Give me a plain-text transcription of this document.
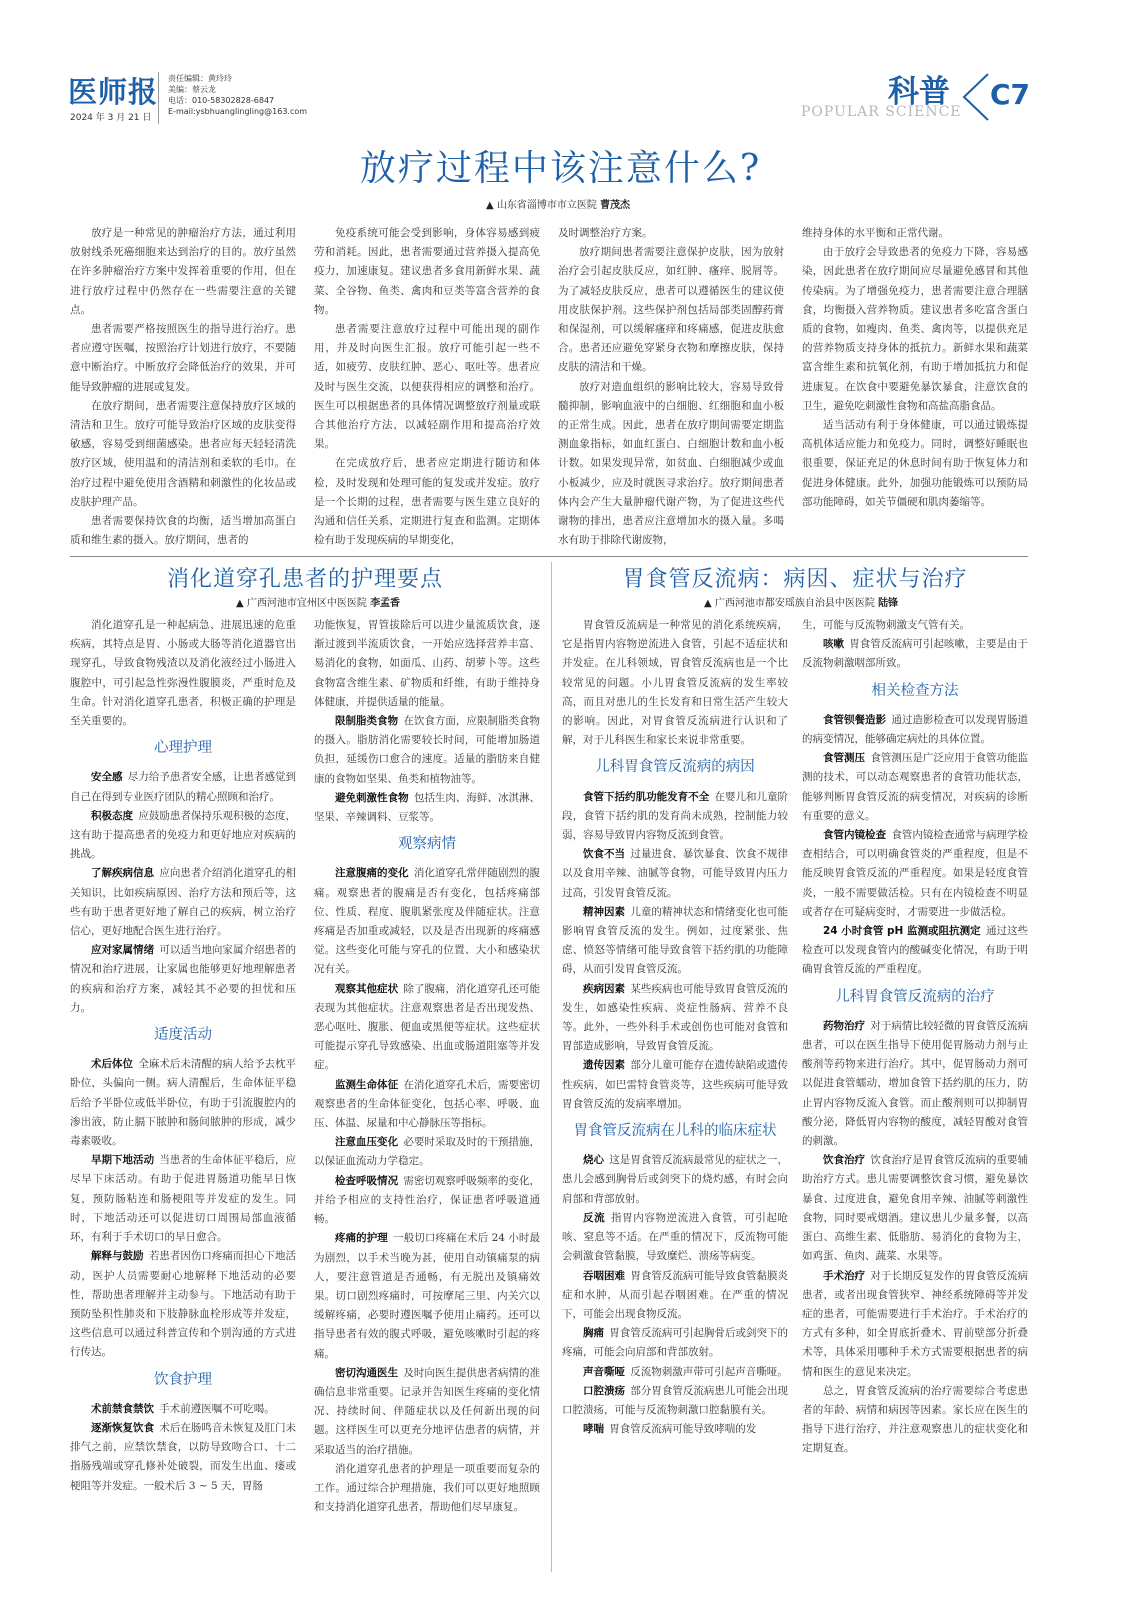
医师报
2024 年 3 月 21 日
责任编辑：黄玲玲
美编：蔡云龙
电话：010-58302828-6847
E-mail:ysbhuanglingling@163.com
科普
POPULAR SCIENCE
C7
放疗过程中该注意什么?
▲ 山东省淄博市市立医院 曹茂杰

放疗是一种常见的肿瘤治疗方法，通过利用放射线杀死癌细胞来达到治疗的目的。放疗虽然在许多肿瘤治疗方案中发挥着重要的作用，但在进行放疗过程中仍然存在一些需要注意的关键点。

患者需要严格按照医生的指导进行治疗。患者应遵守医嘱，按照治疗计划进行放疗，不要随意中断治疗。中断放疗会降低治疗的效果，并可能导致肿瘤的进展或复发。

在放疗期间，患者需要注意保持放疗区域的清洁和卫生。放疗可能导致治疗区域的皮肤变得敏感，容易受到细菌感染。患者应每天轻轻清洗放疗区域，使用温和的清洁剂和柔软的毛巾。在治疗过程中避免使用含酒精和刺激性的化妆品或皮肤护理产品。

患者需要保持饮食的均衡，适当增加高蛋白质和维生素的摄入。放疗期间，患者的

免疫系统可能会受到影响，身体容易感到疲劳和消耗。因此，患者需要通过营养摄入提高免疫力，加速康复。建议患者多食用新鲜水果、蔬菜、全谷物、鱼类、禽肉和豆类等富含营养的食物。

患者需要注意放疗过程中可能出现的副作用，并及时向医生汇报。放疗可能引起一些不适，如疲劳、皮肤红肿、恶心、呕吐等。患者应及时与医生交流，以便获得相应的调整和治疗。医生可以根据患者的具体情况调整放疗剂量或联合其他治疗方法，以减轻副作用和提高治疗效果。

在完成放疗后，患者应定期进行随访和体检，及时发现和处理可能的复发或并发症。放疗是一个长期的过程，患者需要与医生建立良好的沟通和信任关系，定期进行复查和监测。定期体检有助于发现疾病的早期变化，

及时调整治疗方案。

放疗期间患者需要注意保护皮肤，因为放射治疗会引起皮肤反应，如红肿、瘙痒、脱屑等。为了减轻皮肤反应，患者可以遵循医生的建议使用皮肤保护剂。这些保护剂包括局部类固醇药膏和保湿剂，可以缓解瘙痒和疼痛感，促进皮肤愈合。患者还应避免穿紧身衣物和摩擦皮肤，保持皮肤的清洁和干燥。

放疗对造血组织的影响比较大，容易导致骨髓抑制，影响血液中的白细胞、红细胞和血小板的正常生成。因此，患者在放疗期间需要定期监测血象指标，如血红蛋白、白细胞计数和血小板计数。如果发现异常，如贫血、白细胞减少或血小板减少，应及时就医寻求治疗。放疗期间患者体内会产生大量肿瘤代谢产物，为了促进这些代谢物的排出，患者应注意增加水的摄入量。多喝水有助于排除代谢废物，

维持身体的水平衡和正常代谢。

由于放疗会导致患者的免疫力下降，容易感染，因此患者在放疗期间应尽量避免感冒和其他传染病。为了增强免疫力，患者需要注意合理膳食，均衡摄入营养物质。建议患者多吃富含蛋白质的食物，如瘦肉、鱼类、禽肉等，以提供充足的营养物质支持身体的抵抗力。新鲜水果和蔬菜富含维生素和抗氧化剂，有助于增加抵抗力和促进康复。在饮食中要避免暴饮暴食，注意饮食的卫生，避免吃刺激性食物和高盐高脂食品。

适当活动有利于身体健康，可以通过锻炼提高机体适应能力和免疫力。同时，调整好睡眠也很重要，保证充足的休息时间有助于恢复体力和促进身体健康。此外，加强功能锻炼可以预防局部功能障碍，如关节僵硬和肌肉萎缩等。

消化道穿孔患者的护理要点
▲ 广西河池市宜州区中医医院 李孟香

消化道穿孔是一种起病急、进展迅速的危重疾病，其特点是胃、小肠或大肠等消化道器官出现穿孔，导致食物残渣以及消化液经过小肠进入腹腔中，可引起急性弥漫性腹膜炎，严重时危及生命。针对消化道穿孔患者，积极正确的护理是至关重要的。

心理护理

安全感  尽力给予患者安全感，让患者感觉到自己在得到专业医疗团队的精心照顾和治疗。

积极态度  应鼓励患者保持乐观积极的态度，这有助于提高患者的免疫力和更好地应对疾病的挑战。

了解疾病信息  应向患者介绍消化道穿孔的相关知识，比如疾病原因、治疗方法和预后等，这些有助于患者更好地了解自己的疾病，树立治疗信心，更好地配合医生进行治疗。

应对家属情绪  可以适当地向家属介绍患者的情况和治疗进展，让家属也能够更好地理解患者的疾病和治疗方案，减轻其不必要的担忧和压力。

适度活动

术后体位  全麻术后未清醒的病人给予去枕平卧位，头偏向一侧。病人清醒后，生命体征平稳后给予半卧位或低半卧位，有助于引流腹腔内的渗出液，防止膈下脓肿和肠间脓肿的形成，减少毒素吸收。

早期下地活动  当患者的生命体征平稳后，应尽早下床活动。有助于促进胃肠道功能早日恢复，预防肠粘连和肠梗阻等并发症的发生。同时，下地活动还可以促进切口周围局部血液循环，有利于手术切口的早日愈合。

解释与鼓励  若患者因伤口疼痛而担心下地活动，医护人员需要耐心地解释下地活动的必要性，帮助患者理解并主动参与。下地活动有助于预防坠积性肺炎和下肢静脉血栓形成等并发症，这些信息可以通过科普宣传和个别沟通的方式进行传达。

饮食护理

术前禁食禁饮  手术前遵医嘱不可吃喝。

逐渐恢复饮食  术后在肠鸣音未恢复及肛门未排气之前，应禁饮禁食，以防导致吻合口、十二指肠残端或穿孔修补处破裂，而发生出血、瘘或梗阻等并发症。一般术后 3 ~ 5 天，胃肠

功能恢复，胃管拔除后可以进少量流质饮食，逐渐过渡到半流质饮食，一开始应选择营养丰富、易消化的食物，如面瓜、山药、胡萝卜等。这些食物富含维生素、矿物质和纤维，有助于维持身体健康，并提供适量的能量。

限制脂类食物  在饮食方面，应限制脂类食物的摄入。脂肪消化需要较长时间，可能增加肠道负担，延缓伤口愈合的速度。适量的脂肪来自健康的食物如坚果、鱼类和植物油等。

避免刺激性食物  包括生肉、海鲜、冰淇淋、坚果、辛辣调料、豆浆等。

观察病情

注意腹痛的变化  消化道穿孔常伴随剧烈的腹痛。观察患者的腹痛是否有变化，包括疼痛部位、性质、程度、腹肌紧张度及伴随症状。注意疼痛是否加重或减轻，以及是否出现新的疼痛感觉。这些变化可能与穿孔的位置、大小和感染状况有关。

观察其他症状  除了腹痛，消化道穿孔还可能表现为其他症状。注意观察患者是否出现发热、恶心呕吐、腹胀、便血或黑便等症状。这些症状可能提示穿孔导致感染、出血或肠道阻塞等并发症。

监测生命体征  在消化道穿孔术后，需要密切观察患者的生命体征变化，包括心率、呼吸、血压、体温、尿量和中心静脉压等指标。

注意血压变化  必要时采取及时的干预措施，以保证血流动力学稳定。

检查呼吸情况  需密切观察呼吸频率的变化，并给予相应的支持性治疗，保证患者呼吸道通畅。

疼痛的护理  一般切口疼痛在术后 24 小时最为剧烈，以手术当晚为甚，使用自动镇痛泵的病人，要注意管道是否通畅，有无脱出及镇痛效果。切口剧烈疼痛时，可按摩尾三里、内关穴以缓解疼痛，必要时遵医嘱予使用止痛药。还可以指导患者有效的腹式呼吸，避免咳嗽时引起的疼痛。

密切沟通医生  及时向医生提供患者病情的准确信息非常重要。记录并告知医生疼痛的变化情况、持续时间、伴随症状以及任何新出现的问题。这样医生可以更充分地评估患者的病情，并采取适当的治疗措施。

消化道穿孔患者的护理是一项重要而复杂的工作。通过综合护理措施，我们可以更好地照顾和支持消化道穿孔患者，帮助他们尽早康复。

胃食管反流病：病因、症状与治疗
▲ 广西河池市都安瑶族自治县中医医院 陆锋

胃食管反流病是一种常见的消化系统疾病，它是指胃内容物逆流进入食管，引起不适症状和并发症。在儿科领域，胃食管反流病也是一个比较常见的问题。小儿胃食管反流病的发生率较高，而且对患儿的生长发育和日常生活产生较大的影响。因此，对胃食管反流病进行认识和了解，对于儿科医生和家长来说非常重要。

儿科胃食管反流病的病因

食管下括约肌功能发育不全  在婴儿和儿童阶段，食管下括约肌的发育尚未成熟，控制能力较弱，容易导致胃内容物反流到食管。

饮食不当  过量进食、暴饮暴食、饮食不规律以及食用辛辣、油腻等食物，可能导致胃内压力过高，引发胃食管反流。

精神因素  儿童的精神状态和情绪变化也可能影响胃食管反流的发生。例如，过度紧张、焦虑、愤怒等情绪可能导致食管下括约肌的功能障碍，从而引发胃食管反流。

疾病因素  某些疾病也可能导致胃食管反流的发生，如感染性疾病、炎症性肠病、营养不良等。此外，一些外科手术或创伤也可能对食管和胃部造成影响，导致胃食管反流。

遗传因素  部分儿童可能存在遗传缺陷或遗传性疾病，如巴雷特食管炎等，这些疾病可能导致胃食管反流的发病率增加。

胃食管反流病在儿科的临床症状

烧心  这是胃食管反流病最常见的症状之一，患儿会感到胸骨后或剑突下的烧灼感，有时会向肩部和背部放射。

反流  指胃内容物逆流进入食管，可引起呛咳、窒息等不适。在严重的情况下，反流物可能会刺激食管黏膜，导致糜烂、溃疡等病变。

吞咽困难  胃食管反流病可能导致食管黏膜炎症和水肿，从而引起吞咽困难。在严重的情况下，可能会出现食物反流。

胸痛  胃食管反流病可引起胸骨后或剑突下的疼痛，可能会向肩部和背部放射。

声音嘶哑  反流物刺激声带可引起声音嘶哑。

口腔溃疡  部分胃食管反流病患儿可能会出现口腔溃疡，可能与反流物刺激口腔黏膜有关。

哮喘  胃食管反流病可能导致哮喘的发

生，可能与反流物刺激支气管有关。

咳嗽  胃食管反流病可引起咳嗽，主要是由于反流物刺激咽部所致。

相关检查方法

食管钡餐造影  通过造影检查可以发现胃肠道的病变情况，能够确定病灶的具体位置。

食管测压  食管测压是广泛应用于食管功能监测的技术，可以动态观察患者的食管功能状态，能够判断胃食管反流的病变情况，对疾病的诊断有重要的意义。

食管内镜检查  食管内镜检查通常与病理学检查相结合，可以明确食管炎的严重程度，但是不能反映胃食管反流的严重程度。如果是轻度食管炎，一般不需要做活检。只有在内镜检查不明显或者存在可疑病变时，才需要进一步做活检。

24 小时食管 pH 监测或阻抗测定  通过这些检查可以发现食管内的酸碱变化情况，有助于明确胃食管反流的严重程度。

儿科胃食管反流病的治疗

药物治疗  对于病情比较轻微的胃食管反流病患者，可以在医生指导下使用促胃肠动力剂与止酸剂等药物来进行治疗。其中，促胃肠动力剂可以促进食管蠕动，增加食管下括约肌的压力，防止胃内容物反流入食管。而止酸剂则可以抑制胃酸分泌，降低胃内容物的酸度，减轻胃酸对食管的刺激。

饮食治疗  饮食治疗是胃食管反流病的重要辅助治疗方式。患儿需要调整饮食习惯，避免暴饮暴食、过度进食，避免食用辛辣、油腻等刺激性食物，同时要戒烟酒。建议患儿少量多餐，以高蛋白、高维生素、低脂肪、易消化的食物为主，如鸡蛋、鱼肉、蔬菜、水果等。

手术治疗  对于长期反复发作的胃食管反流病患者，或者出现食管狭窄、神经系统障碍等并发症的患者，可能需要进行手术治疗。手术治疗的方式有多种，如全胃底折叠术、胃前壁部分折叠术等，具体采用哪种手术方式需要根据患者的病情和医生的意见来决定。

总之，胃食管反流病的治疗需要综合考虑患者的年龄、病情和病因等因素。家长应在医生的指导下进行治疗，并注意观察患儿的症状变化和定期复查。
